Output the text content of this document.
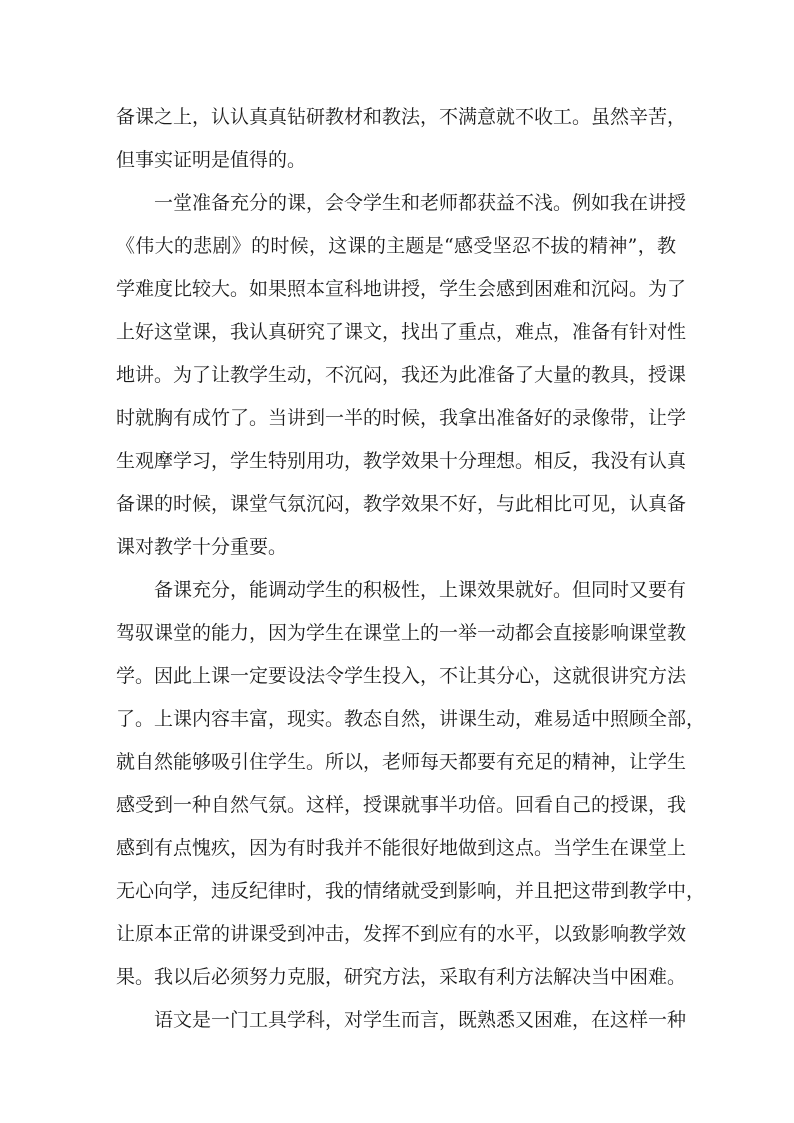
备课之上，认认真真钻研教材和教法，不满意就不收工。虽然辛苦，
但事实证明是值得的。
一堂准备充分的课，会令学生和老师都获益不浅。例如我在讲授
《伟大的悲剧》的时候，这课的主题是“感受坚忍不拔的精神”，教
学难度比较大。如果照本宣科地讲授，学生会感到困难和沉闷。为了
上好这堂课，我认真研究了课文，找出了重点，难点，准备有针对性
地讲。为了让教学生动，不沉闷，我还为此准备了大量的教具，授课
时就胸有成竹了。当讲到一半的时候，我拿出准备好的录像带，让学
生观摩学习，学生特别用功，教学效果十分理想。相反，我没有认真
备课的时候，课堂气氛沉闷，教学效果不好，与此相比可见，认真备
课对教学十分重要。
备课充分，能调动学生的积极性，上课效果就好。但同时又要有
驾驭课堂的能力，因为学生在课堂上的一举一动都会直接影响课堂教
学。因此上课一定要设法令学生投入，不让其分心，这就很讲究方法
了。上课内容丰富，现实。教态自然，讲课生动，难易适中照顾全部，
就自然能够吸引住学生。所以，老师每天都要有充足的精神，让学生
感受到一种自然气氛。这样，授课就事半功倍。回看自己的授课，我
感到有点愧疚，因为有时我并不能很好地做到这点。当学生在课堂上
无心向学，违反纪律时，我的情绪就受到影响，并且把这带到教学中，
让原本正常的讲课受到冲击，发挥不到应有的水平，以致影响教学效
果。我以后必须努力克服，研究方法，采取有利方法解决当中困难。
语文是一门工具学科，对学生而言，既熟悉又困难，在这样一种
